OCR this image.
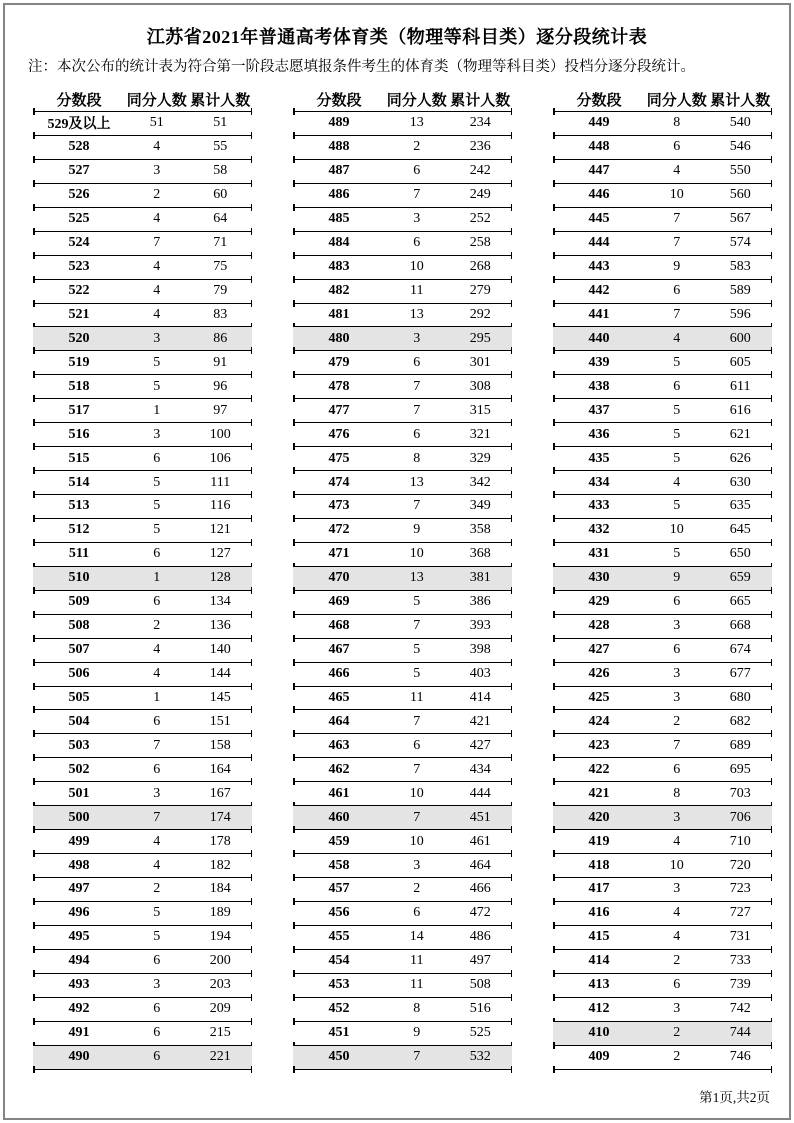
江苏省2021年普通高考体育类（物理等科目类）逐分段统计表
注：本次公布的统计表为符合第一阶段志愿填报条件考生的体育类（物理等科目类）投档分逐分段统计。
分数段	同分人数 累计人数
529及以上	51	51
528	4	55
527	3	58
526	2	60
525	4	64
524	7	71
523	4	75
522	4	79
521	4	83
520	3	86
519	5	91
518	5	96
517	1	97
516	3	100
515	6	106
514	5	111
513	5	116
512	5	121
511	6	127
510	1	128
509	6	134
508	2	136
507	4	140
506	4	144
505	1	145
504	6	151
503	7	158
502	6	164
501	3	167
500	7	174
499	4	178
498	4	182
497	2	184
496	5	189
495	5	194
494	6	200
493	3	203
492	6	209
491	6	215
490	6	221
分数段	同分人数 累计人数
489	13	234
488	2	236
487	6	242
486	7	249
485	3	252
484	6	258
483	10	268
482	11	279
481	13	292
480	3	295
479	6	301
478	7	308
477	7	315
476	6	321
475	8	329
474	13	342
473	7	349
472	9	358
471	10	368
470	13	381
469	5	386
468	7	393
467	5	398
466	5	403
465	11	414
464	7	421
463	6	427
462	7	434
461	10	444
460	7	451
459	10	461
458	3	464
457	2	466
456	6	472
455	14	486
454	11	497
453	11	508
452	8	516
451	9	525
450	7	532
分数段	同分人数 累计人数
449	8	540
448	6	546
447	4	550
446	10	560
445	7	567
444	7	574
443	9	583
442	6	589
441	7	596
440	4	600
439	5	605
438	6	611
437	5	616
436	5	621
435	5	626
434	4	630
433	5	635
432	10	645
431	5	650
430	9	659
429	6	665
428	3	668
427	6	674
426	3	677
425	3	680
424	2	682
423	7	689
422	6	695
421	8	703
420	3	706
419	4	710
418	10	720
417	3	723
416	4	727
415	4	731
414	2	733
413	6	739
412	3	742
410	2	744
409	2	746
第1页,共2页
